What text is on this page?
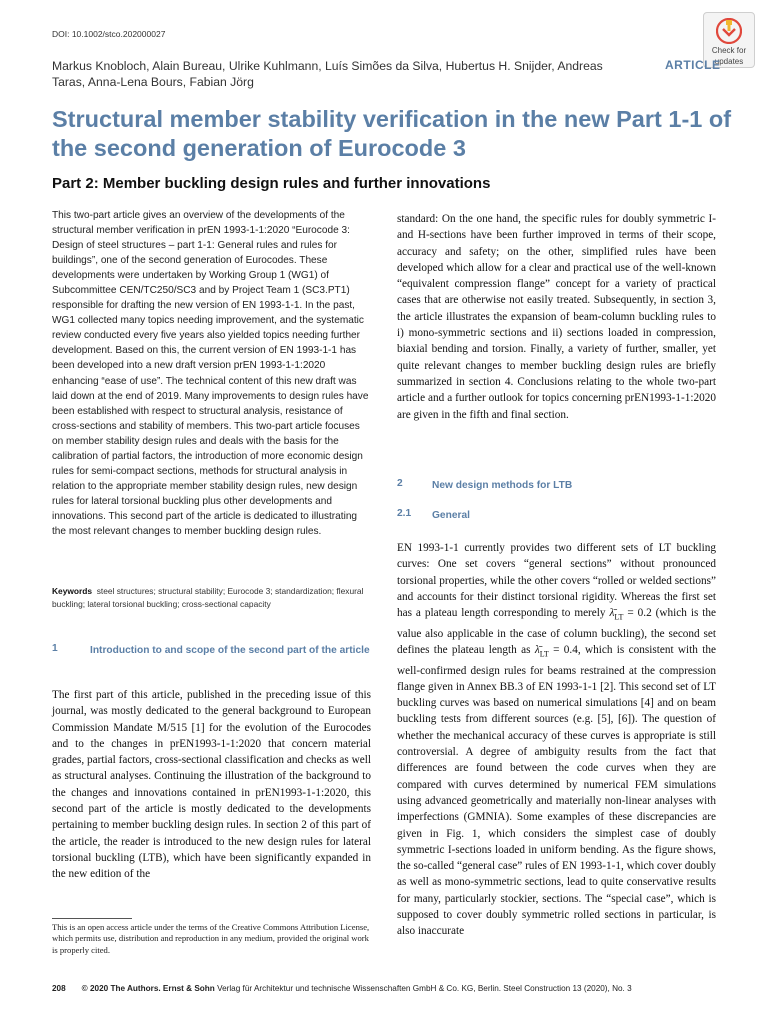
DOI: 10.1002/stco.202000027
Check for
updates
ARTICLE
Markus Knobloch, Alain Bureau, Ulrike Kuhlmann, Luís Simões da Silva, Hubertus H. Snijder, Andreas Taras, Anna-Lena Bours, Fabian Jörg
Structural member stability verification in the new Part 1-1 of the second generation of Eurocode 3
Part 2: Member buckling design rules and further innovations

This two-part article gives an overview of the developments of the structural member verification in prEN 1993-1-1:2020 “Eurocode 3: Design of steel structures – part 1-1: General rules and rules for buildings”, one of the second generation of Eurocodes. These developments were undertaken by Working Group 1 (WG1) of Subcommittee CEN/TC250/SC3 and by Project Team 1 (SC3.PT1) responsible for drafting the new version of EN 1993-1-1. In the past, WG1 collected many topics needing improvement, and the systematic review conducted every five years also yielded topics needing further development. Based on this, the current version of EN 1993-1-1 has been developed into a new draft version prEN 1993-1-1:2020 enhancing “ease of use”. The technical content of this new draft was laid down at the end of 2019. Many improvements to design rules have been established with respect to structural analysis, resistance of cross-sections and stability of members. This two-part article focuses on member stability design rules and deals with the basis for the calibration of partial factors, the introduction of more economic design rules for semi-compact sections, methods for structural analysis in relation to the appropriate member stability design rules, new design rules for lateral torsional buckling plus other developments and innovations. This second part of the article is dedicated to illustrating the most relevant changes to member buckling design rules.

Keywords steel structures; structural stability; Eurocode 3; standardization; flexural buckling; lateral torsional buckling; cross-sectional capacity

1	Introduction to and scope of the second part of the article

The first part of this article, published in the preceding issue of this journal, was mostly dedicated to the general background to European Commission Mandate M/515 [1] for the evolution of the Eurocodes and to the changes in prEN1993-1-1:2020 that concern material grades, partial factors, cross-sectional classification and checks as well as structural analyses. Continuing the illustration of the background to the changes and innovations contained in prEN1993-1-1:2020, this second part of the article is mostly dedicated to the developments pertaining to member buckling design rules. In section 2 of this part of the article, the reader is introduced to the new design rules for lateral torsional buckling (LTB), which have been significantly expanded in the new edition of the

This is an open access article under the terms of the Creative Commons Attribution License, which permits use, distribution and reproduction in any medium, provided the original work is properly cited.

standard: On the one hand, the specific rules for doubly symmetric I- and H-sections have been further improved in terms of their scope, accuracy and safety; on the other, simplified rules have been developed which allow for a clear and practical use of the well-known “equivalent compression flange” concept for a variety of practical cases that are otherwise not easily treated. Subsequently, in section 3, the article illustrates the expansion of beam-column buckling rules to i) mono-symmetric sections and ii) sections loaded in compression, biaxial bending and torsion. Finally, a variety of further, smaller, yet quite relevant changes to member buckling design rules are briefly summarized in section 4. Conclusions relating to the whole two-part article and a further outlook for topics concerning prEN1993-1-1:2020 are given in the fifth and final section.

2	New design methods for LTB
2.1 General

EN 1993-1-1 currently provides two different sets of LT buckling curves: One set covers “general sections” without pronounced torsional properties, while the other covers “rolled or welded sections” and accounts for their distinct torsional rigidity. Whereas the first set has a plateau length corresponding to merely $\lambdā_{LT} = 0.2$ (which is the value also applicable in the case of column buckling), the second set defines the plateau length as $\lambdā_{LT} = 0.4$, which is consistent with the well-confirmed design rules for beams restrained at the compression flange given in Annex BB.3 of EN 1993-1-1 [2]. This second set of LT buckling curves was based on numerical simulations [4] and on beam buckling tests from different sources (e.g. [5], [6]). The question of whether the mechanical accuracy of these curves is appropriate is still controversial. A degree of ambiguity results from the fact that differences are found between the code curves when they are compared with curves determined by numerical FEM simulations using advanced geometrically and materially non-linear analyses with imperfections (GMNIA). Some examples of these discrepancies are given in Fig. 1, which considers the simplest case of doubly symmetric I-sections loaded in uniform bending. As the figure shows, the so-called “general case” rules of EN 1993-1-1, which cover doubly as well as mono-symmetric sections, lead to quite conservative results for many, particularly stockier, sections. The “special case”, which is supposed to cover doubly symmetric rolled sections in particular, is also inaccurate

208 © 2020 The Authors. Ernst & Sohn Verlag für Architektur und technische Wissenschaften GmbH & Co. KG, Berlin. Steel Construction 13 (2020), No. 3
